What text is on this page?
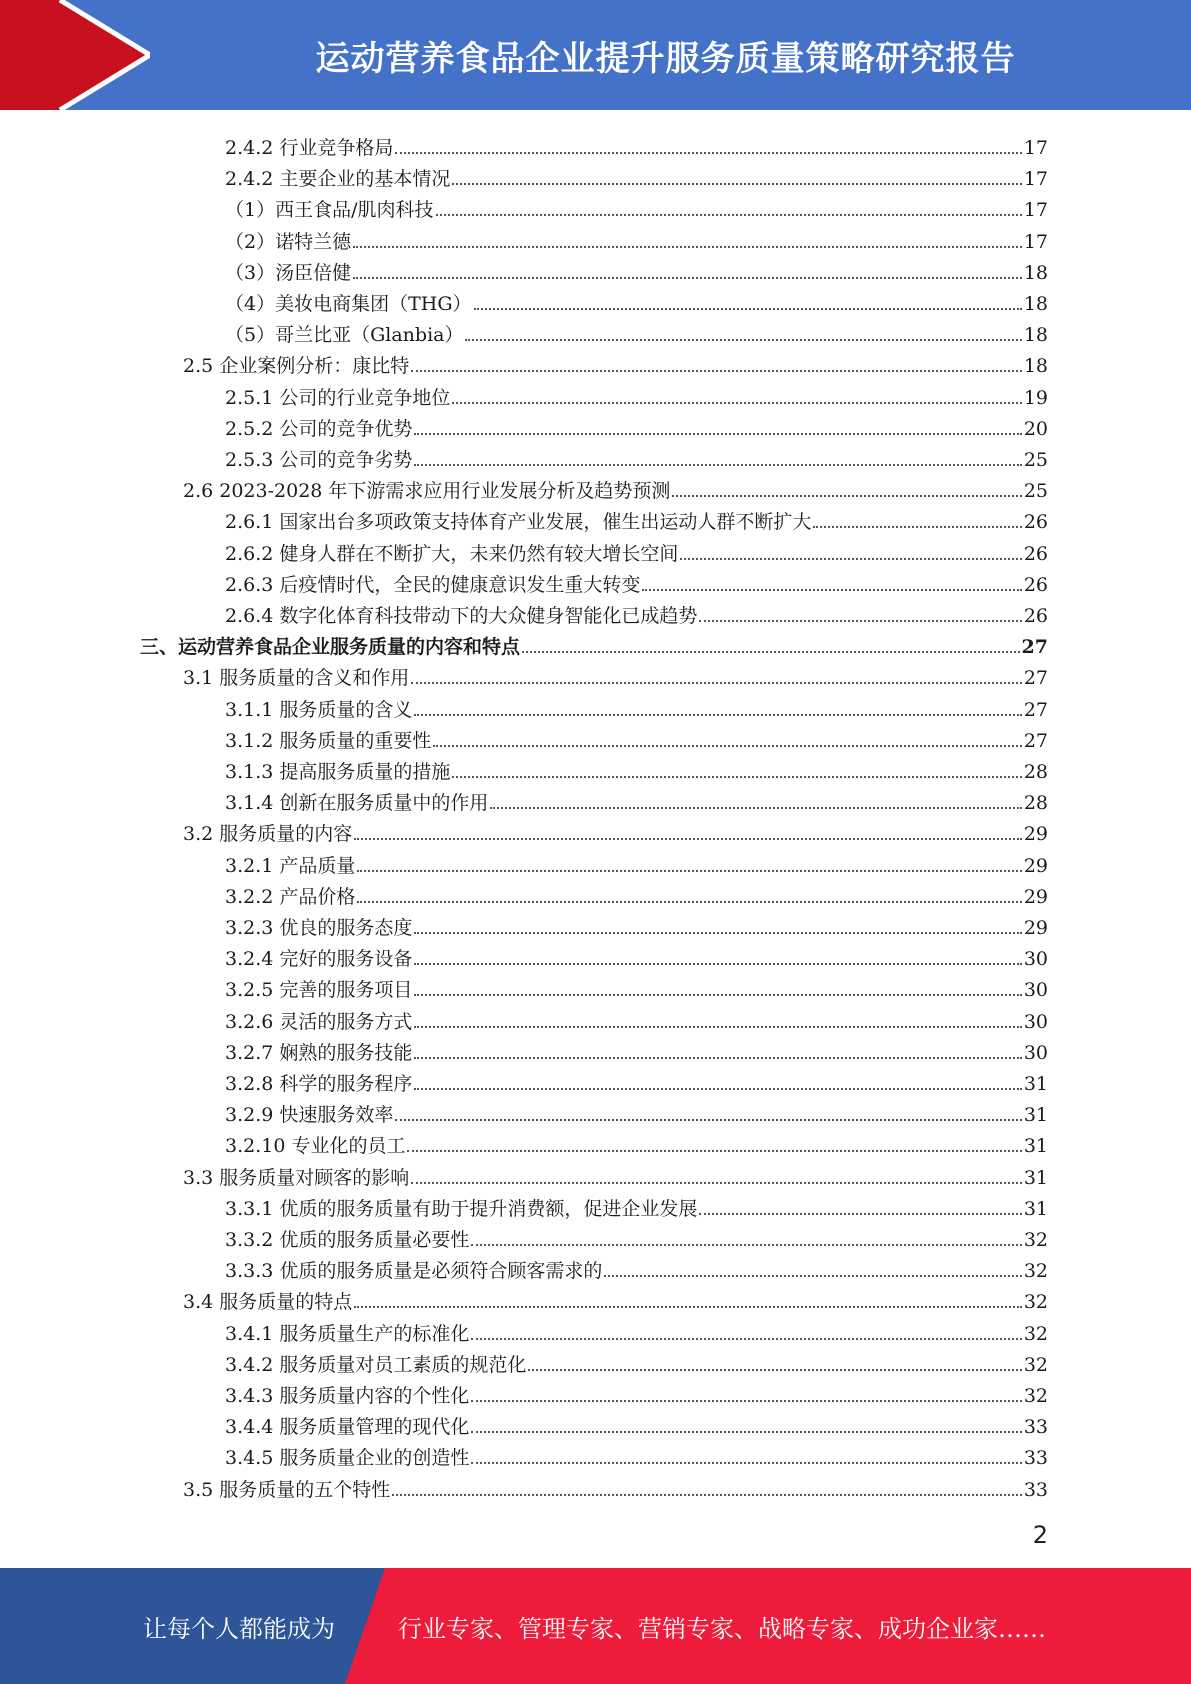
运动营养食品企业提升服务质量策略研究报告
2.4.2 行业竞争格局	17
2.4.2 主要企业的基本情况	17
（1）西王食品/肌肉科技	17
（2）诺特兰德	17
（3）汤臣倍健	18
（4）美妆电商集团（THG）	18
（5）哥兰比亚（Glanbia）	18
2.5 企业案例分析：康比特	18
2.5.1 公司的行业竞争地位	19
2.5.2 公司的竞争优势	20
2.5.3 公司的竞争劣势	25
2.6 2023-2028 年下游需求应用行业发展分析及趋势预测	25
2.6.1 国家出台多项政策支持体育产业发展，催生出运动人群不断扩大	26
2.6.2 健身人群在不断扩大，未来仍然有较大增长空间	26
2.6.3 后疫情时代，全民的健康意识发生重大转变	26
2.6.4 数字化体育科技带动下的大众健身智能化已成趋势	26
三、运动营养食品企业服务质量的内容和特点	27
3.1 服务质量的含义和作用	27
3.1.1 服务质量的含义	27
3.1.2 服务质量的重要性	27
3.1.3 提高服务质量的措施	28
3.1.4 创新在服务质量中的作用	28
3.2 服务质量的内容	29
3.2.1 产品质量	29
3.2.2 产品价格	29
3.2.3 优良的服务态度	29
3.2.4 完好的服务设备	30
3.2.5 完善的服务项目	30
3.2.6 灵活的服务方式	30
3.2.7 娴熟的服务技能	30
3.2.8 科学的服务程序	31
3.2.9 快速服务效率	31
3.2.10 专业化的员工	31
3.3 服务质量对顾客的影响	31
3.3.1 优质的服务质量有助于提升消费额，促进企业发展	31
3.3.2 优质的服务质量必要性	32
3.3.3 优质的服务质量是必须符合顾客需求的	32
3.4 服务质量的特点	32
3.4.1 服务质量生产的标准化	32
3.4.2 服务质量对员工素质的规范化	32
3.4.3 服务质量内容的个性化	32
3.4.4 服务质量管理的现代化	33
3.4.5 服务质量企业的创造性	33
3.5 服务质量的五个特性	33
2
让每个人都能成为	行业专家、管理专家、营销专家、战略专家、成功企业家……
